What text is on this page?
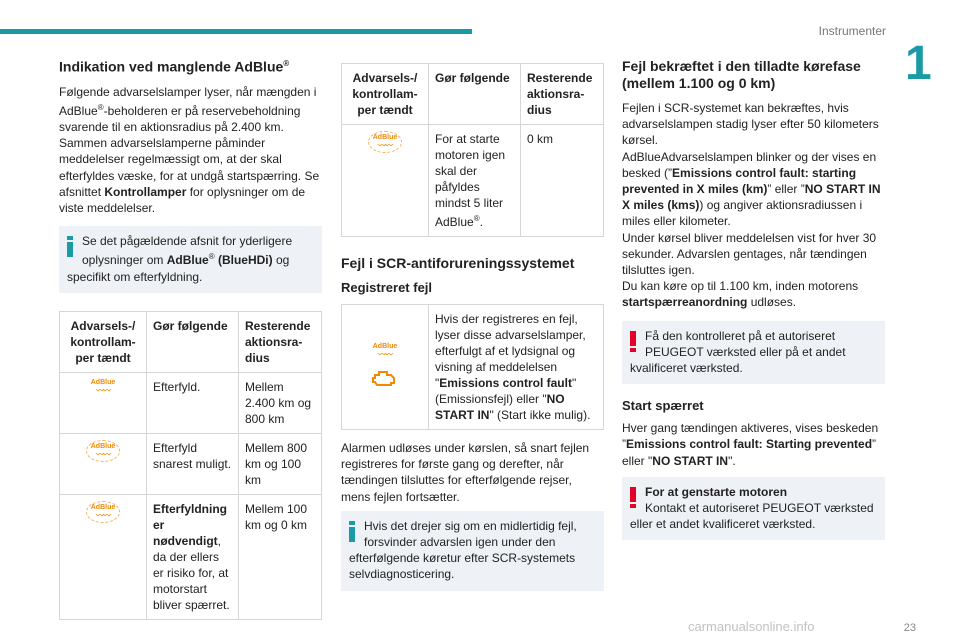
Instrumenter
1
Indikation ved manglende AdBlue®

Følgende advarselslamper lyser, når mængden i AdBlue®-beholderen er på reservebeholdning svarende til en aktionsradius på 2.400 km. Sammen advarselslamperne påminder meddelelser regelmæssigt om, at der skal efterfyldes væske, for at undgå startspærring. Se afsnittet Kontrollamper for oplysninger om de viste meddelelser.

Se det pågældende afsnit for yderligere oplysninger om AdBlue® (BlueHDi) og specifikt om efterfyldning.

Advarsels-/ kontrollam-per tændt	Gør følgende	Resterende aktionsra-dius
AdBlue
〰〰	Efterfyld.	Mellem 2.400 km og 800 km
AdBlue
〰〰	Efterfyld snarest muligt.	Mellem 800 km og 100 km
AdBlue
〰〰	Efterfyldning er nødvendigt, da der ellers er risiko for, at motorstart bliver spærret.	Mellem 100 km og 0 km
Advarsels-/ kontrollam-per tændt	Gør følgende	Resterende aktionsra-dius
AdBlue
〰〰	For at starte motoren igen skal der påfyldes mindst 5 liter AdBlue®.	0 km
Fejl i SCR-antiforureningssystemet
Registreret fejl
AdBlue
〰〰
	Hvis der registreres en fejl, lyser disse advarselslamper, efterfulgt af et lydsignal og visning af meddelelsen "Emissions control fault" (Emissionsfejl) eller "NO START IN" (Start ikke mulig).

Alarmen udløses under kørslen, så snart fejlen registreres for første gang og derefter, når tændingen tilsluttes for efterfølgende rejser, mens fejlen fortsætter.

Hvis det drejer sig om en midlertidig fejl, forsvinder advarslen igen under den efterfølgende køretur efter SCR-systemets selvdiagnosticering.

Fejl bekræftet i den tilladte kørefase (mellem 1.100 og 0 km)

Fejlen i SCR-systemet kan bekræftes, hvis advarselslampen stadig lyser efter 50 kilometers kørsel.

AdBlueAdvarselslampen blinker og der vises en besked (”Emissions control fault: starting prevented in X miles (km)” eller ”NO START IN X miles (kms)) og angiver aktionsradiussen i miles eller kilometer.

Under kørsel bliver meddelelsen vist for hver 30 sekunder. Advarslen gentages, når tændingen tilsluttes igen.

Du kan køre op til 1.100 km, inden motorens startspærreanordning udløses.

Få den kontrolleret på et autoriseret PEUGEOT værksted eller på et andet kvalificeret værksted.

Start spærret

Hver gang tændingen aktiveres, vises beskeden ”Emissions control fault: Starting prevented” eller "NO START IN".

For at genstarte motoren
Kontakt et autoriseret PEUGEOT værksted eller et andet kvalificeret værksted.

carmanualsonline.info	23
